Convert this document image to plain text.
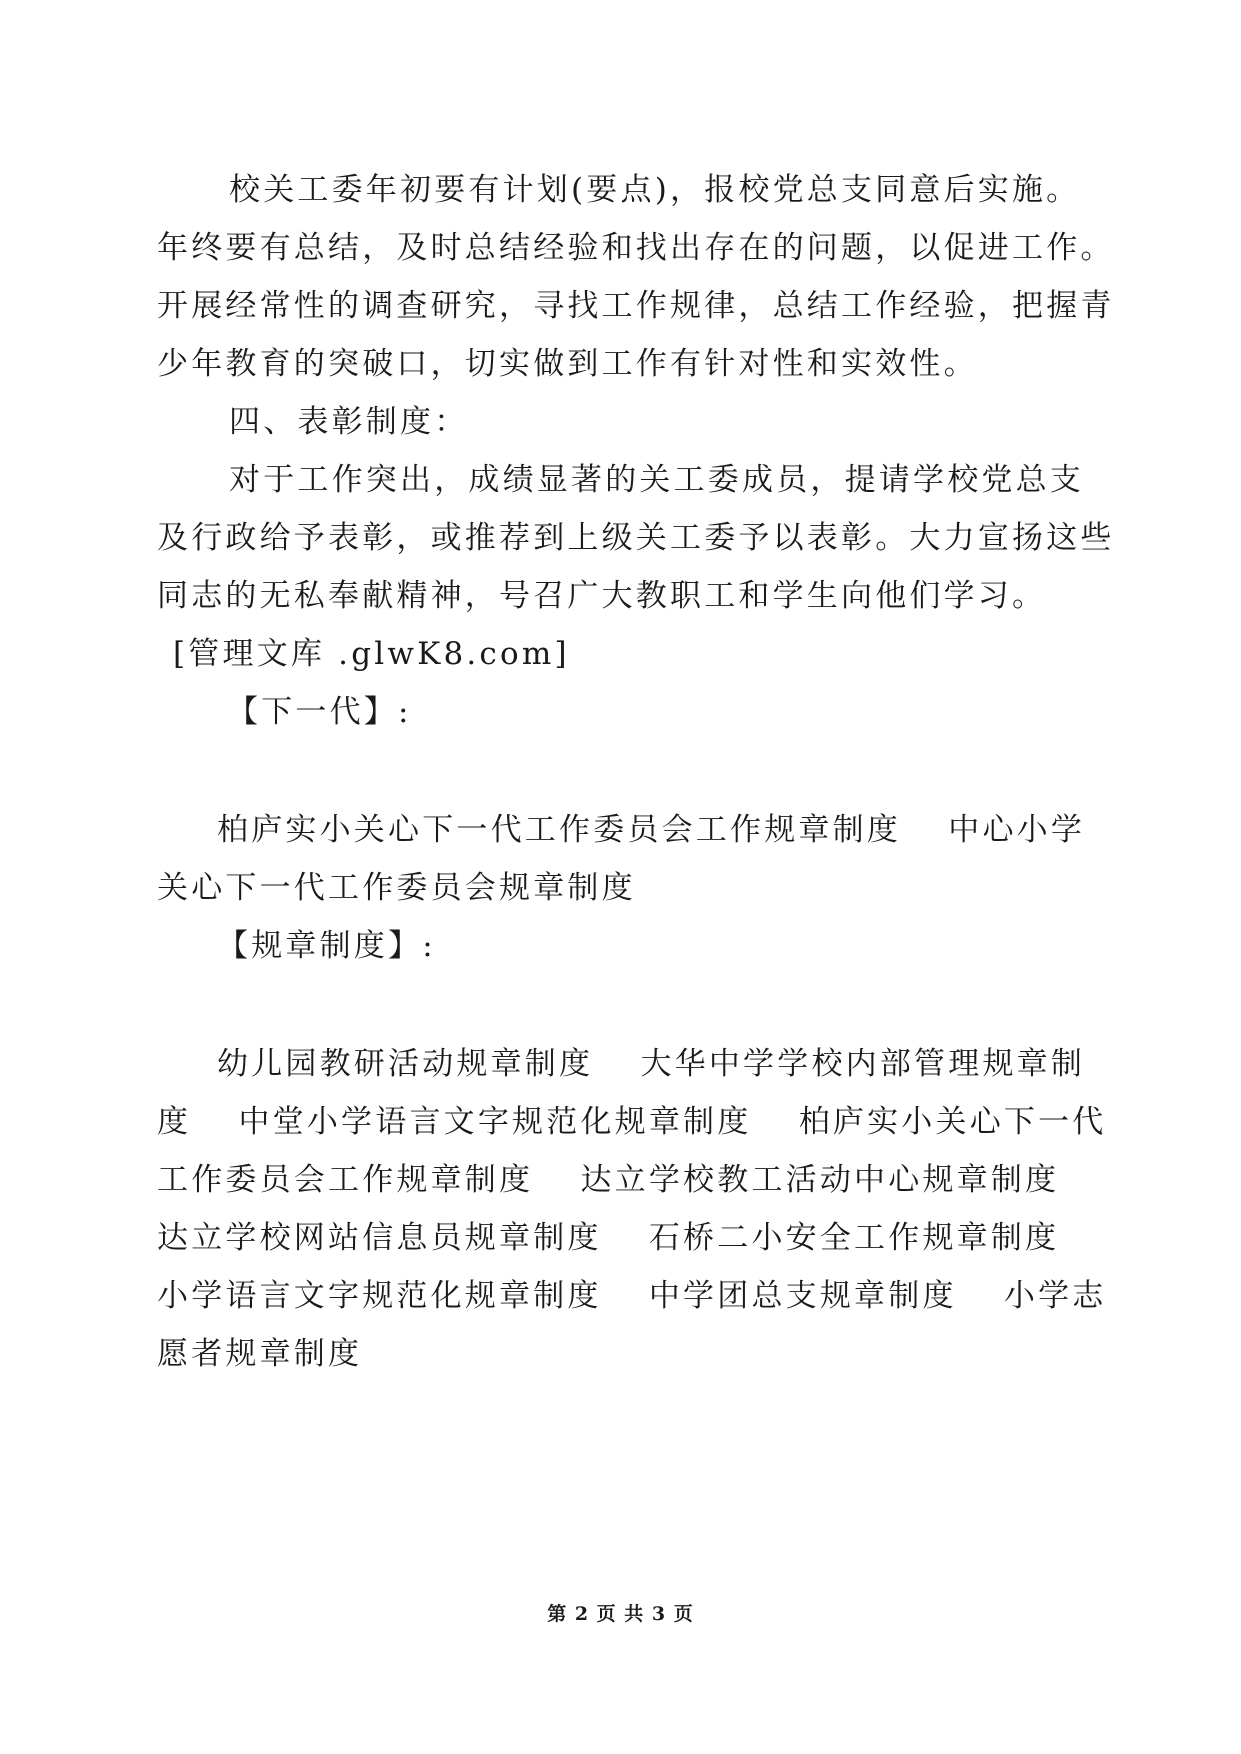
校关工委年初要有计划(要点)，报校党总支同意后实施。
年终要有总结，及时总结经验和找出存在的问题，以促进工作。
开展经常性的调查研究，寻找工作规律，总结工作经验，把握青
少年教育的突破口，切实做到工作有针对性和实效性。
四、表彰制度：
对于工作突出，成绩显著的关工委成员，提请学校党总支
及行政给予表彰，或推荐到上级关工委予以表彰。大力宣扬这些
同志的无私奉献精神，号召广大教职工和学生向他们学习。
[管理文库 .glwK8.com]
【下一代】:
柏庐实小关心下一代工作委员会工作规章制度　 中心小学
关心下一代工作委员会规章制度
【规章制度】:
幼儿园教研活动规章制度　 大华中学学校内部管理规章制
度　 中堂小学语言文字规范化规章制度　 柏庐实小关心下一代
工作委员会工作规章制度　 达立学校教工活动中心规章制度
达立学校网站信息员规章制度　 石桥二小安全工作规章制度
小学语言文字规范化规章制度　 中学团总支规章制度　 小学志
愿者规章制度
第 2 页 共 3 页
